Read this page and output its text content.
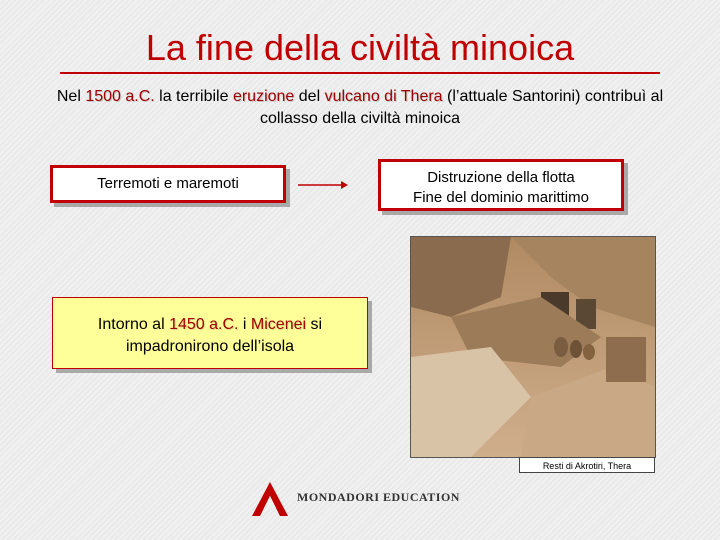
La fine della civiltà minoica
Nel 1500 a.C. la terribile eruzione del vulcano di Thera (l’attuale Santorini) contribuì al collasso della civiltà minoica
Terremoti e maremoti	Distruzione della flotta
Fine del dominio marittimo
Resti di Akrotiri, Thera
Intorno al 1450 a.C. i Micenei si impadronirono dell’isola
MONDADORI EDUCATION
